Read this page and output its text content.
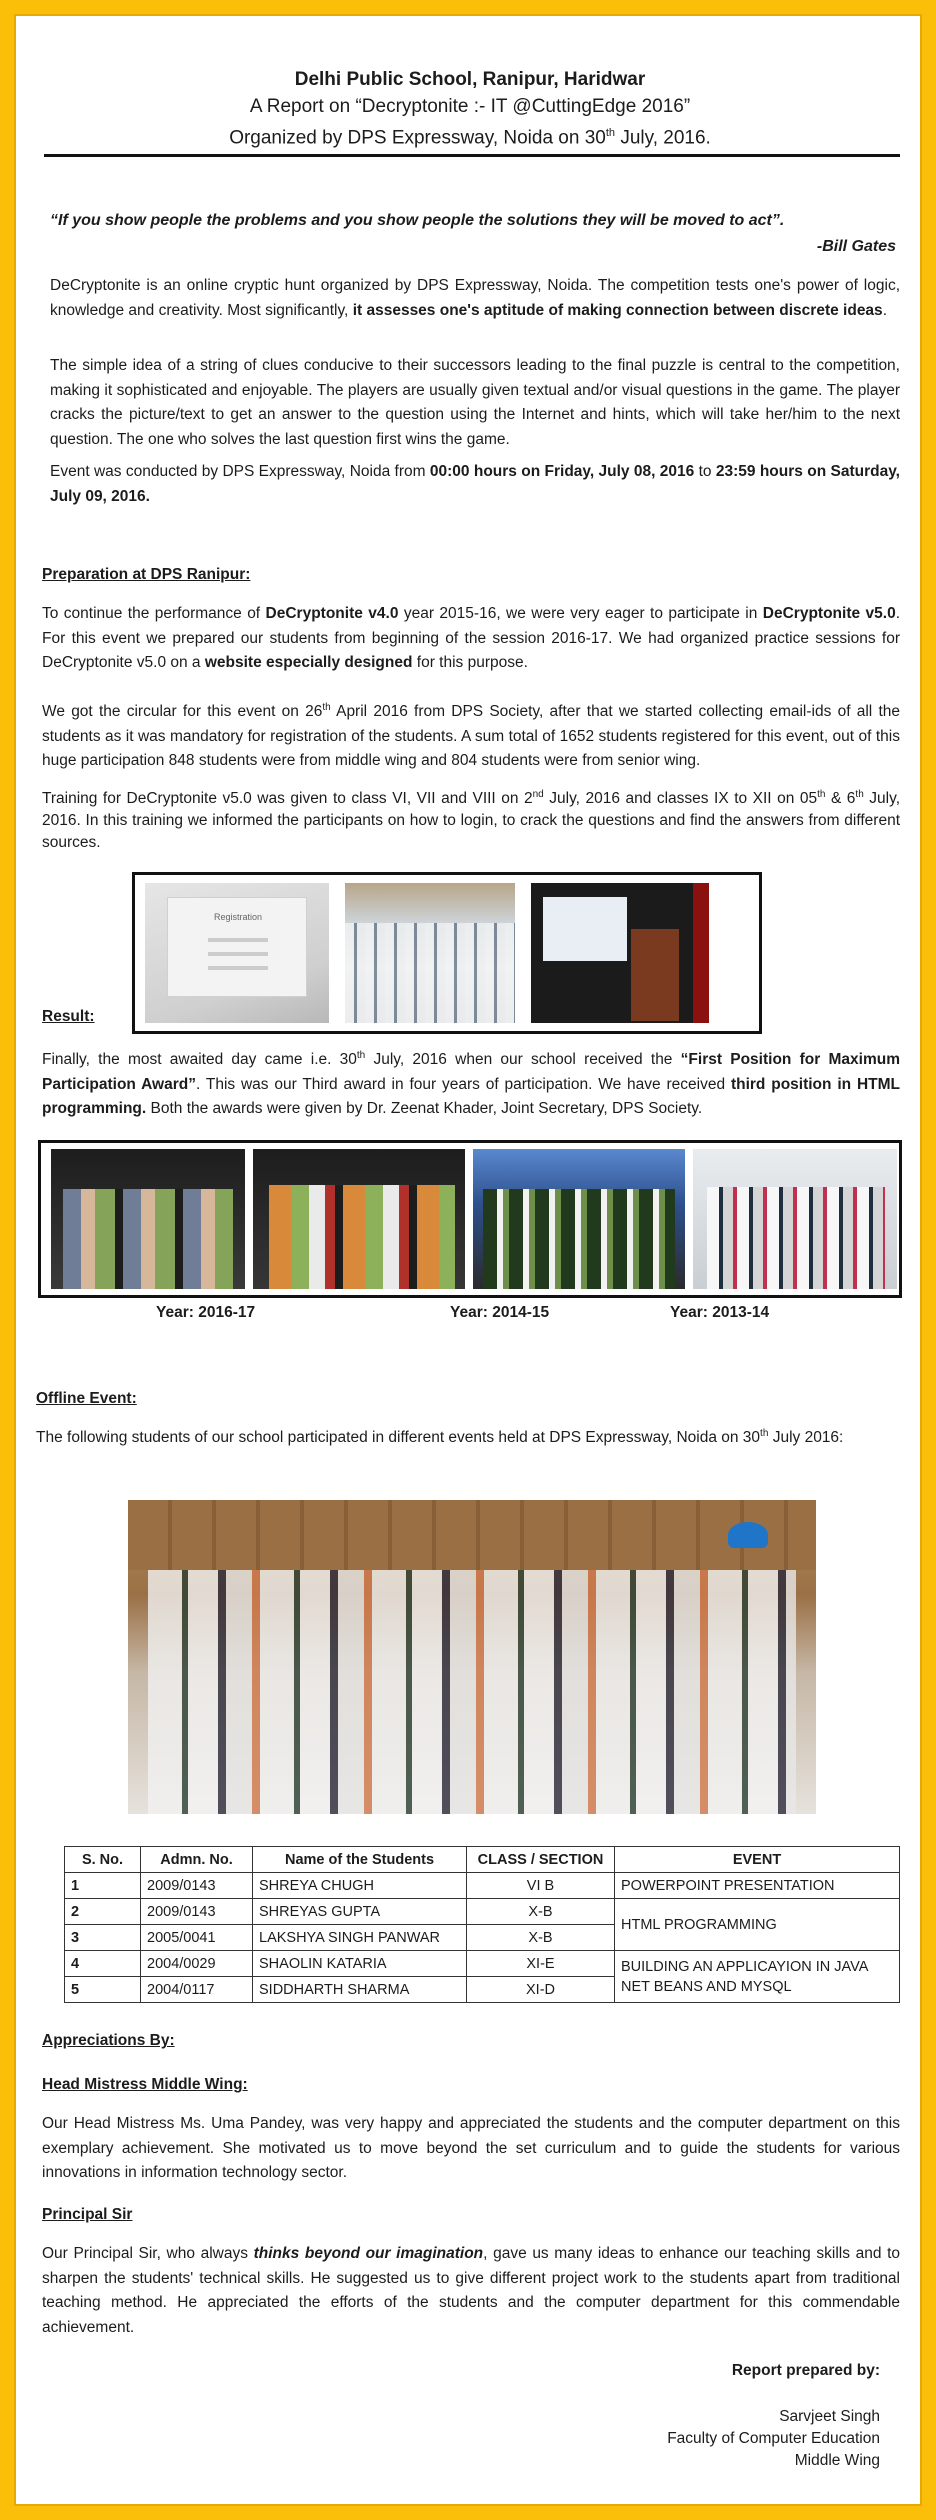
Delhi Public School, Ranipur, Haridwar
A Report on “Decryptonite :- IT @CuttingEdge 2016”
Organized by DPS Expressway, Noida on 30th July, 2016.
“If you show people the problems and you show people the solutions they will be moved to act”.
-Bill Gates
DeCryptonite is an online cryptic hunt organized by DPS Expressway, Noida. The competition tests one's power of logic, knowledge and creativity. Most significantly, it assesses one's aptitude of making connection between discrete ideas.
The simple idea of a string of clues conducive to their successors leading to the final puzzle is central to the competition, making it sophisticated and enjoyable. The players are usually given textual and/or visual questions in the game. The player cracks the picture/text to get an answer to the question using the Internet and hints, which will take her/him to the next question. The one who solves the last question first wins the game.
Event was conducted by DPS Expressway, Noida from 00:00 hours on Friday, July 08, 2016 to 23:59 hours on Saturday, July 09, 2016.
Preparation at DPS Ranipur:
To continue the performance of DeCryptonite v4.0 year 2015-16, we were very eager to participate in DeCryptonite v5.0. For this event we prepared our students from beginning of the session 2016-17. We had organized practice sessions for DeCryptonite v5.0 on a website especially designed for this purpose.
We got the circular for this event on 26th April 2016 from DPS Society, after that we started collecting email-ids of all the students as it was mandatory for registration of the students. A sum total of 1652 students registered for this event, out of this huge participation 848 students were from middle wing and 804 students were from senior wing.
Training for DeCryptonite v5.0 was given to class VI, VII and VIII on 2nd July, 2016 and classes IX to XII on 05th & 6th July, 2016. In this training we informed the participants on how to login, to crack the questions and find the answers from different sources.
Registration
Result:
Finally, the most awaited day came i.e. 30th July, 2016 when our school received the “First Position for Maximum Participation Award”. This was our Third award in four years of participation. We have received third position in HTML programming. Both the awards were given by Dr. Zeenat Khader, Joint Secretary, DPS Society.
Year: 2016-17	Year: 2014-15	Year: 2013-14
Offline Event:
The following students of our school participated in different events held at DPS Expressway, Noida on 30th July 2016:
S. No.	Admn. No.	Name of the Students	CLASS / SECTION	EVENT
1	2009/0143	SHREYA CHUGH	VI B	POWERPOINT PRESENTATION
2	2009/0143	SHREYAS GUPTA	X-B	HTML PROGRAMMING
3	2005/0041	LAKSHYA SINGH PANWAR	X-B	
4	2004/0029	SHAOLIN KATARIA	XI-E	BUILDING AN APPLICAYION IN JAVA NET BEANS AND MYSQL
5	2004/0117	SIDDHARTH SHARMA	XI-D	
Appreciations By:
Head Mistress Middle Wing:
Our Head Mistress Ms. Uma Pandey, was very happy and appreciated the students and the computer department on this exemplary achievement. She motivated us to move beyond the set curriculum and to guide the students for various innovations in information technology sector.
Principal Sir
Our Principal Sir, who always thinks beyond our imagination, gave us many ideas to enhance our teaching skills and to sharpen the students' technical skills. He suggested us to give different project work to the students apart from traditional teaching method. He appreciated the efforts of the students and the computer department for this commendable achievement.
Report prepared by:
Sarvjeet Singh
Faculty of Computer Education
Middle Wing
